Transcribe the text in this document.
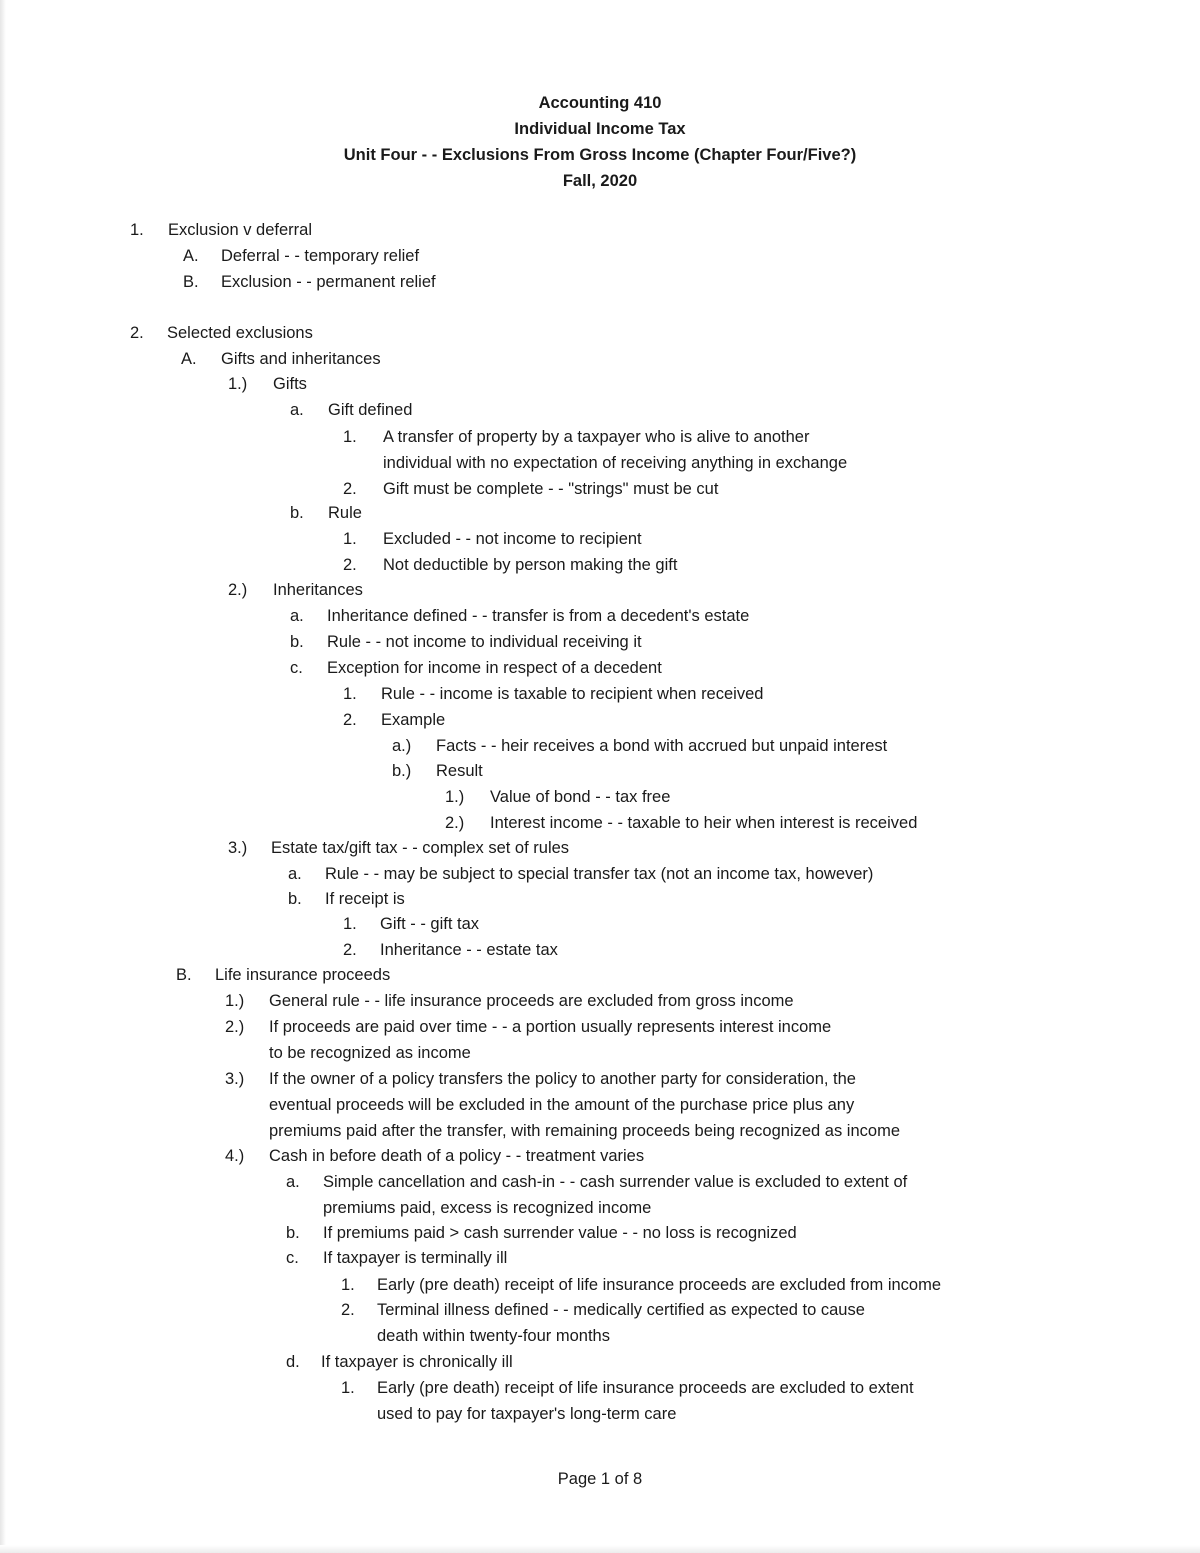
Accounting 410
Individual Income Tax
Unit Four - - Exclusions From Gross Income (Chapter Four/Five?)
Fall, 2020
1. Exclusion v deferral
A. Deferral - - temporary relief
B. Exclusion - - permanent relief
2. Selected exclusions
A. Gifts and inheritances
1.) Gifts
a. Gift defined
1. A transfer of property by a taxpayer who is alive to another
individual with no expectation of receiving anything in exchange
2. Gift must be complete - - "strings" must be cut
b. Rule
1. Excluded - - not income to recipient
2. Not deductible by person making the gift
2.) Inheritances
a. Inheritance defined - - transfer is from a decedent's estate
b. Rule - - not income to individual receiving it
c. Exception for income in respect of a decedent
1. Rule - - income is taxable to recipient when received
2. Example
a.) Facts - - heir receives a bond with accrued but unpaid interest
b.) Result
1.) Value of bond - - tax free
2.) Interest income - - taxable to heir when interest is received
3.) Estate tax/gift tax - - complex set of rules
a. Rule - - may be subject to special transfer tax (not an income tax, however)
b. If receipt is
1. Gift - - gift tax
2. Inheritance - - estate tax
B. Life insurance proceeds
1.) General rule - - life insurance proceeds are excluded from gross income
2.) If proceeds are paid over time - - a portion usually represents interest income
to be recognized as income
3.) If the owner of a policy transfers the policy to another party for consideration, the
eventual proceeds will be excluded in the amount of the purchase price plus any
premiums paid after the transfer, with remaining proceeds being recognized as income
4.) Cash in before death of a policy - - treatment varies
a. Simple cancellation and cash-in - - cash surrender value is excluded to extent of
premiums paid, excess is recognized income
b. If premiums paid > cash surrender value - - no loss is recognized
c. If taxpayer is terminally ill
1. Early (pre death) receipt of life insurance proceeds are excluded from income
2. Terminal illness defined - - medically certified as expected to cause
death within twenty-four months
d. If taxpayer is chronically ill
1. Early (pre death) receipt of life insurance proceeds are excluded to extent
used to pay for taxpayer's long-term care
Page 1 of 8
